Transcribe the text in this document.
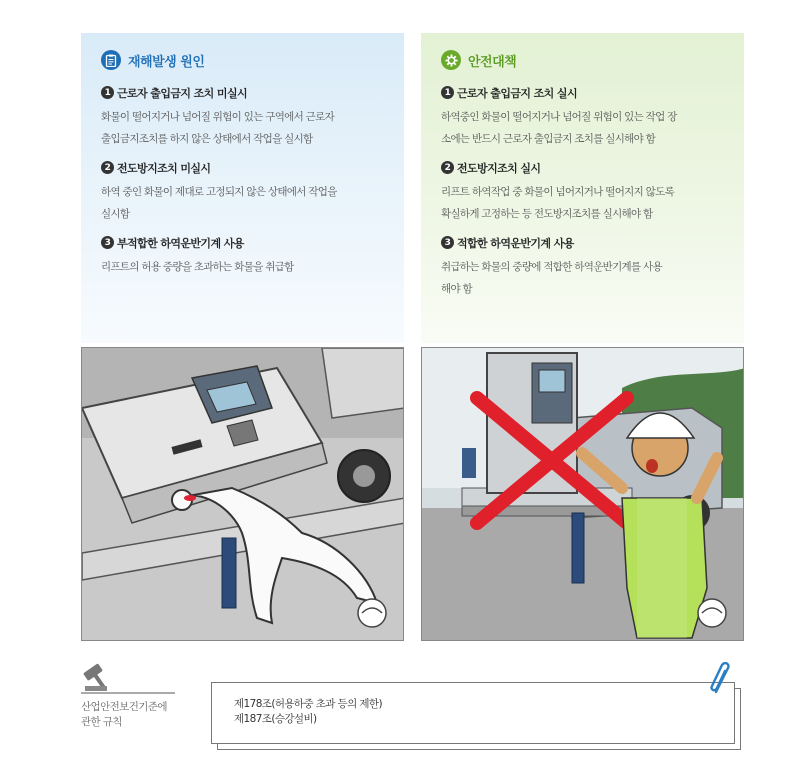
재해발생 원인
1 근로자 출입금지 조치 미실시
화물이 떨어지거나 넘어질 위험이 있는 구역에서 근로자
출입금지조치를 하지 않은 상태에서 작업을 실시함
2 전도방지조치 미실시
하역 중인 화물이 제대로 고정되지 않은 상태에서 작업을
실시함
3 부적합한 하역운반기계 사용
리프트의 허용 중량을 초과하는 화물을 취급함
안전대책
1 근로자 출입금지 조치 실시
하역중인 화물이 떨어지거나 넘어질 위험이 있는 작업 장
소에는 반드시 근로자 출입금지 조치를 실시해야 함
2 전도방지조치 실시
리프트 하역작업 중 화물이 넘어지거나 떨어지지 않도록
확실하게 고정하는 등 전도방지조치를 실시해야 함
3 적합한 하역운반기계 사용
취급하는 화물의 중량에 적합한 하역운반기계를 사용
해야 함
산업안전보건기준에
관한 규칙
제178조(허용하중 초과 등의 제한)
제187조(승강설비)
